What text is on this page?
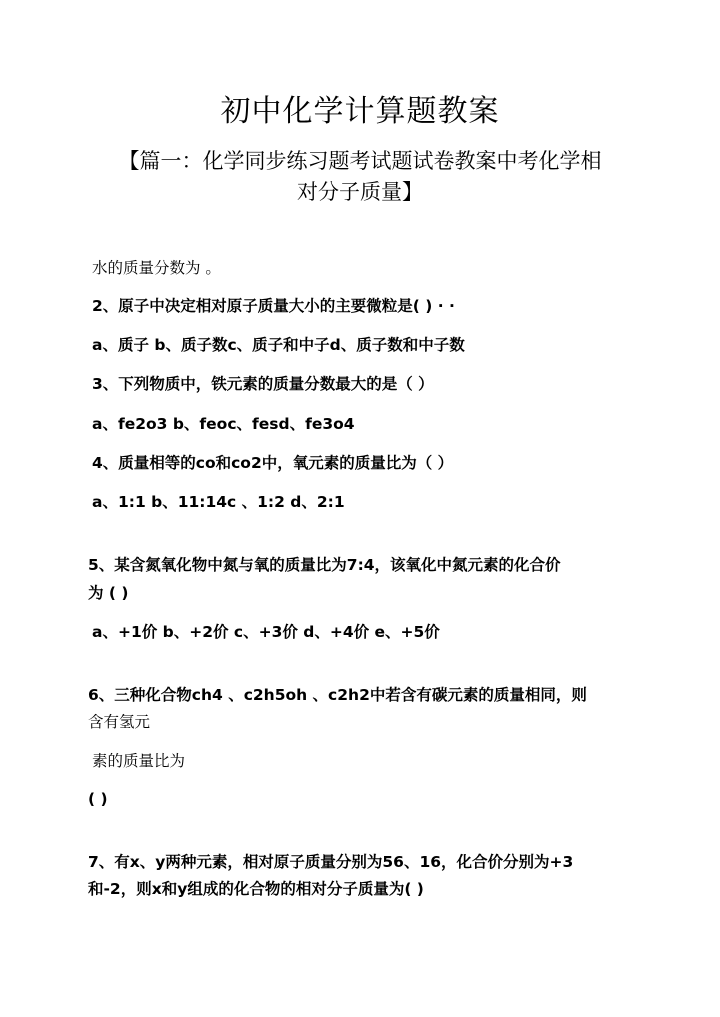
初中化学计算题教案
【篇一：化学同步练习题考试题试卷教案中考化学相
对分子质量】

水的质量分数为 。

2、原子中决定相对原子质量大小的主要微粒是( ) · ·

a、质子 b、质子数c、质子和中子d、质子数和中子数

3、下列物质中，铁元素的质量分数最大的是（ ）

a、fe2o3 b、feoc、fesd、fe3o4

4、质量相等的co和co2中，氧元素的质量比为（ ）

a、1:1 b、11:14c 、1:2 d、2:1

5、某含氮氧化物中氮与氧的质量比为7:4，该氧化中氮元素的化合价

为 ( )

a、+1价 b、+2价 c、+3价 d、+4价 e、+5价

6、三种化合物ch4 、c2h5oh 、c2h2中若含有碳元素的质量相同，则

含有氢元

素的质量比为

( )

7、有x、y两种元素，相对原子质量分别为56、16，化合价分别为+3

和-2，则x和y组成的化合物的相对分子质量为( )
